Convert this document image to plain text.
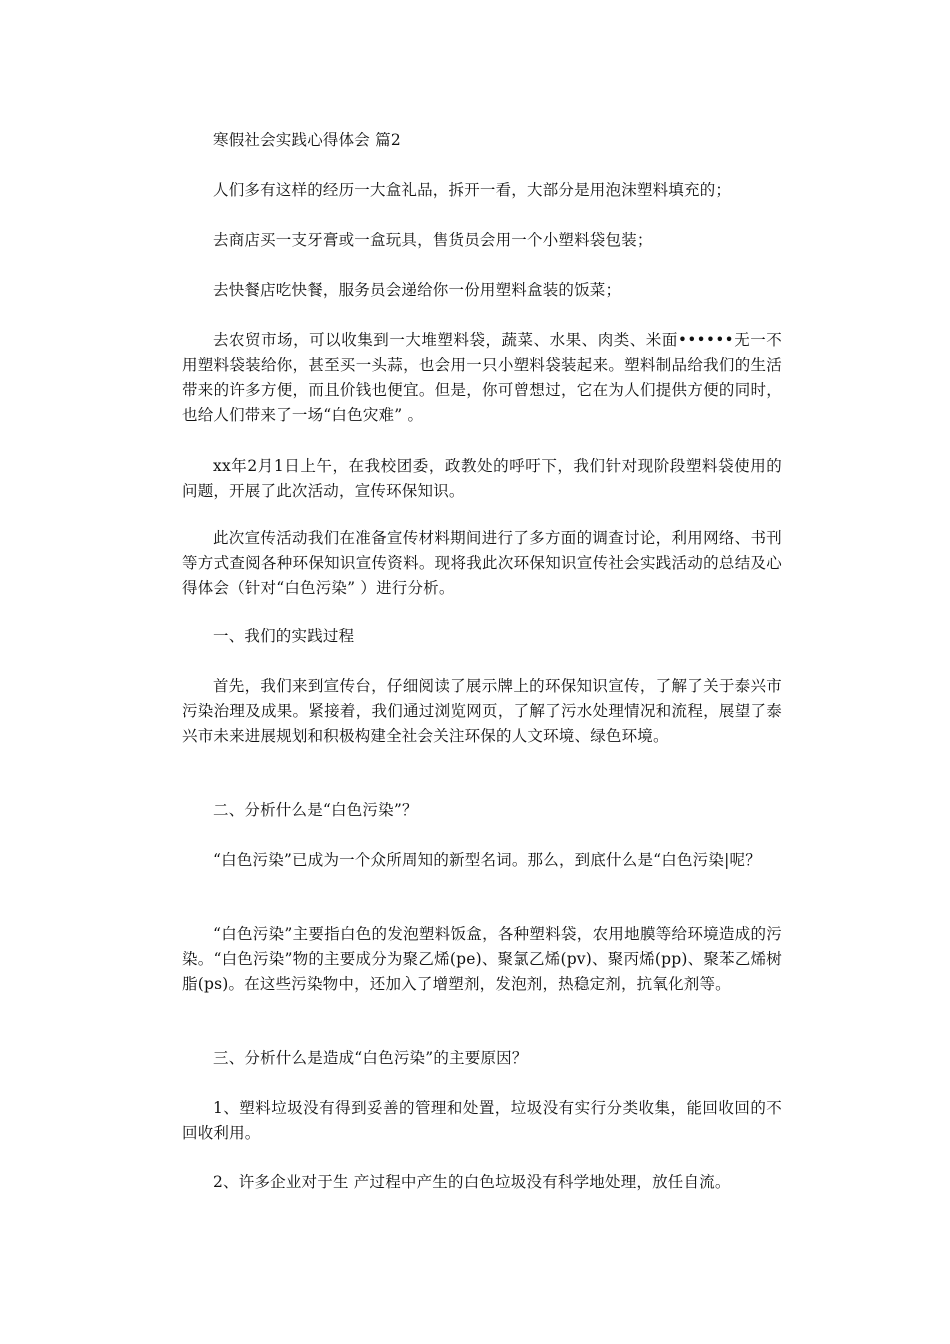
寒假社会实践心得体会 篇2

人们多有这样的经历一大盒礼品，拆开一看，大部分是用泡沫塑料填充的；

去商店买一支牙膏或一盒玩具，售货员会用一个小塑料袋包装；

去快餐店吃快餐，服务员会递给你一份用塑料盒装的饭菜；

去农贸市场，可以收集到一大堆塑料袋，蔬菜、水果、肉类、米面••••••无一不用塑料袋装给你，甚至买一头蒜，也会用一只小塑料袋装起来。塑料制品给我们的生活带来的许多方便，而且价钱也便宜。但是，你可曾想过，它在为人们提供方便的同时，也给人们带来了一场“白色灾难” 。

xx年2月1日上午，在我校团委，政教处的呼吁下，我们针对现阶段塑料袋使用的问题，开展了此次活动，宣传环保知识。

此次宣传活动我们在准备宣传材料期间进行了多方面的调查讨论，利用网络、书刊等方式查阅各种环保知识宣传资料。现将我此次环保知识宣传社会实践活动的总结及心得体会（针对“白色污染” ）进行分析。

一、我们的实践过程

首先，我们来到宣传台，仔细阅读了展示牌上的环保知识宣传，了解了关于泰兴市污染治理及成果。紧接着，我们通过浏览网页，了解了污水处理情况和流程，展望了泰兴市未来进展规划和积极构建全社会关注环保的人文环境、绿色环境。

二、分析什么是“白色污染”？

“白色污染”已成为一个众所周知的新型名词。那么，到底什么是“白色污染|呢？

“白色污染”主要指白色的发泡塑料饭盒，各种塑料袋，农用地膜等给环境造成的污染。“白色污染”物的主要成分为聚乙烯(pe)、聚氯乙烯(pv)、聚丙烯(pp)、聚苯乙烯树脂(ps)。在这些污染物中，还加入了增塑剂，发泡剂，热稳定剂，抗氧化剂等。

三、分析什么是造成“白色污染”的主要原因？

1、塑料垃圾没有得到妥善的管理和处置，垃圾没有实行分类收集，能回收回的不回收利用。

2、许多企业对于生 产过程中产生的白色垃圾没有科学地处理，放任自流。
